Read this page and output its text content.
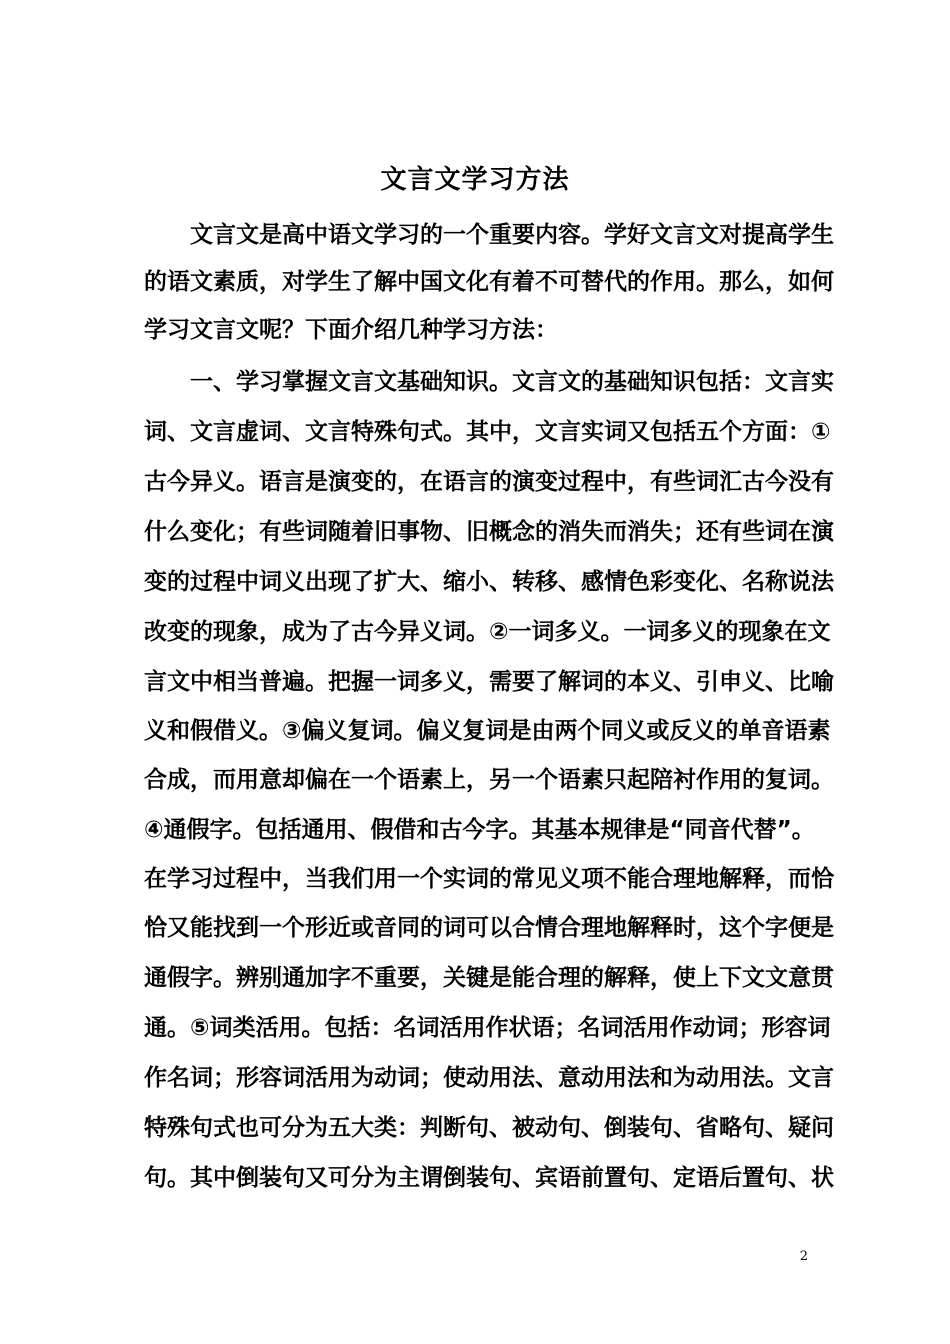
文言文学习方法
文言文是高中语文学习的一个重要内容。学好文言文对提高学生
的语文素质，对学生了解中国文化有着不可替代的作用。那么，如何
学习文言文呢？下面介绍几种学习方法：
一、学习掌握文言文基础知识。文言文的基础知识包括：文言实
词、文言虚词、文言特殊句式。其中，文言实词又包括五个方面：①
古今异义。语言是演变的，在语言的演变过程中，有些词汇古今没有
什么变化；有些词随着旧事物、旧概念的消失而消失；还有些词在演
变的过程中词义出现了扩大、缩小、转移、感情色彩变化、名称说法
改变的现象，成为了古今异义词。②一词多义。一词多义的现象在文
言文中相当普遍。把握一词多义，需要了解词的本义、引申义、比喻
义和假借义。③偏义复词。偏义复词是由两个同义或反义的单音语素
合成，而用意却偏在一个语素上，另一个语素只起陪衬作用的复词。
④通假字。包括通用、假借和古今字。其基本规律是“同音代替”。
在学习过程中，当我们用一个实词的常见义项不能合理地解释，而恰
恰又能找到一个形近或音同的词可以合情合理地解释时，这个字便是
通假字。辨别通加字不重要，关键是能合理的解释，使上下文文意贯
通。⑤词类活用。包括：名词活用作状语；名词活用作动词；形容词
作名词；形容词活用为动词；使动用法、意动用法和为动用法。文言
特殊句式也可分为五大类：判断句、被动句、倒装句、省略句、疑问
句。其中倒装句又可分为主谓倒装句、宾语前置句、定语后置句、状
2
